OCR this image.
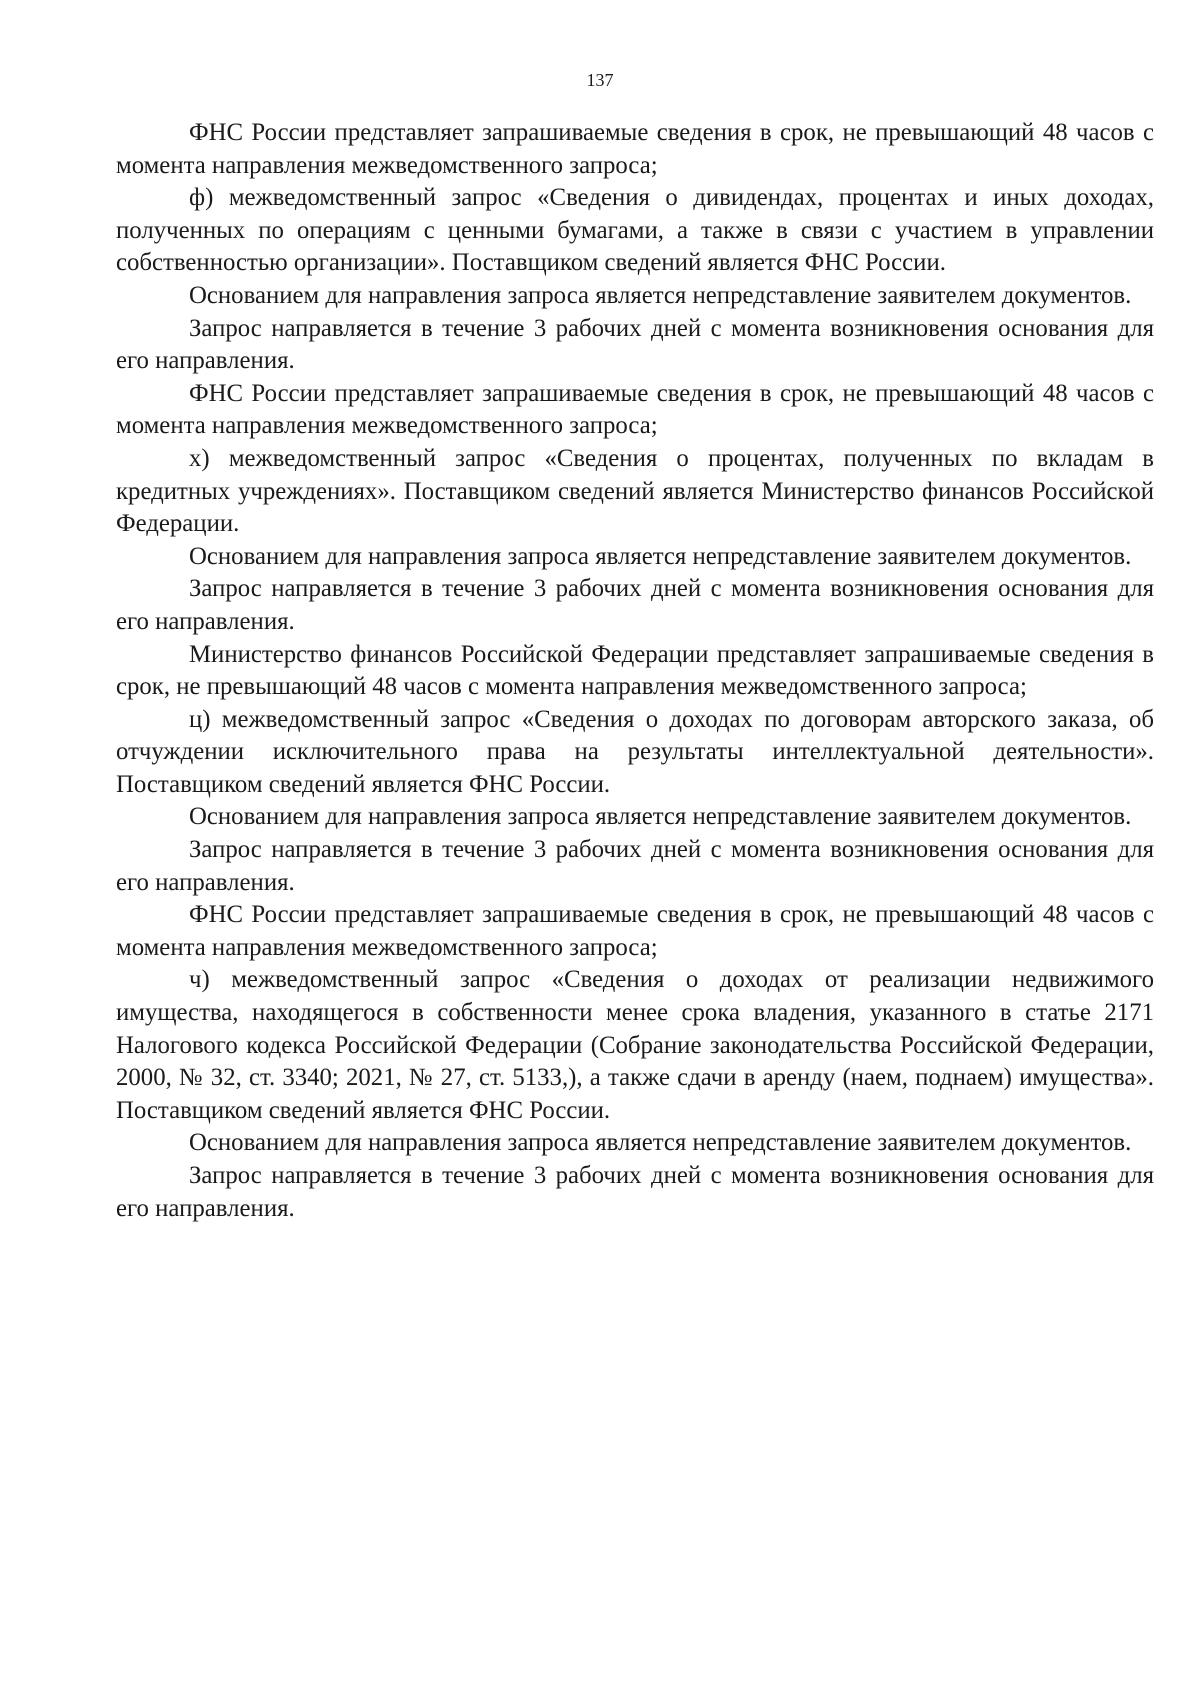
137

ФНС России представляет запрашиваемые сведения в срок, не превышающий 48 часов с момента направления межведомственного запроса;

ф) межведомственный запрос «Сведения о дивидендах, процентах и иных доходах, полученных по операциям с ценными бумагами, а также в связи с участием в управлении собственностью организации». Поставщиком сведений является ФНС России.

Основанием для направления запроса является непредставление заявителем документов.

Запрос направляется в течение 3 рабочих дней с момента возникновения основания для его направления.

ФНС России представляет запрашиваемые сведения в срок, не превышающий 48 часов с момента направления межведомственного запроса;

х) межведомственный запрос «Сведения о процентах, полученных по вкладам в кредитных учреждениях». Поставщиком сведений является Министерство финансов Российской Федерации.

Основанием для направления запроса является непредставление заявителем документов.

Запрос направляется в течение 3 рабочих дней с момента возникновения основания для его направления.

Министерство финансов Российской Федерации представляет запрашиваемые сведения в срок, не превышающий 48 часов с момента направления межведомственного запроса;

ц) межведомственный запрос «Сведения о доходах по договорам авторского заказа, об отчуждении исключительного права на результаты интеллектуальной деятельности». Поставщиком сведений является ФНС России.

Основанием для направления запроса является непредставление заявителем документов.

Запрос направляется в течение 3 рабочих дней с момента возникновения основания для его направления.

ФНС России представляет запрашиваемые сведения в срок, не превышающий 48 часов с момента направления межведомственного запроса;

ч) межведомственный запрос «Сведения о доходах от реализации недвижимого имущества, находящегося в собственности менее срока владения, указанного в статье 2171 Налогового кодекса Российской Федерации (Собрание законодательства Российской Федерации, 2000, № 32, ст. 3340; 2021, № 27, ст. 5133,), а также сдачи в аренду (наем, поднаем) имущества». Поставщиком сведений является ФНС России.

Основанием для направления запроса является непредставление заявителем документов.

Запрос направляется в течение 3 рабочих дней с момента возникновения основания для его направления.
